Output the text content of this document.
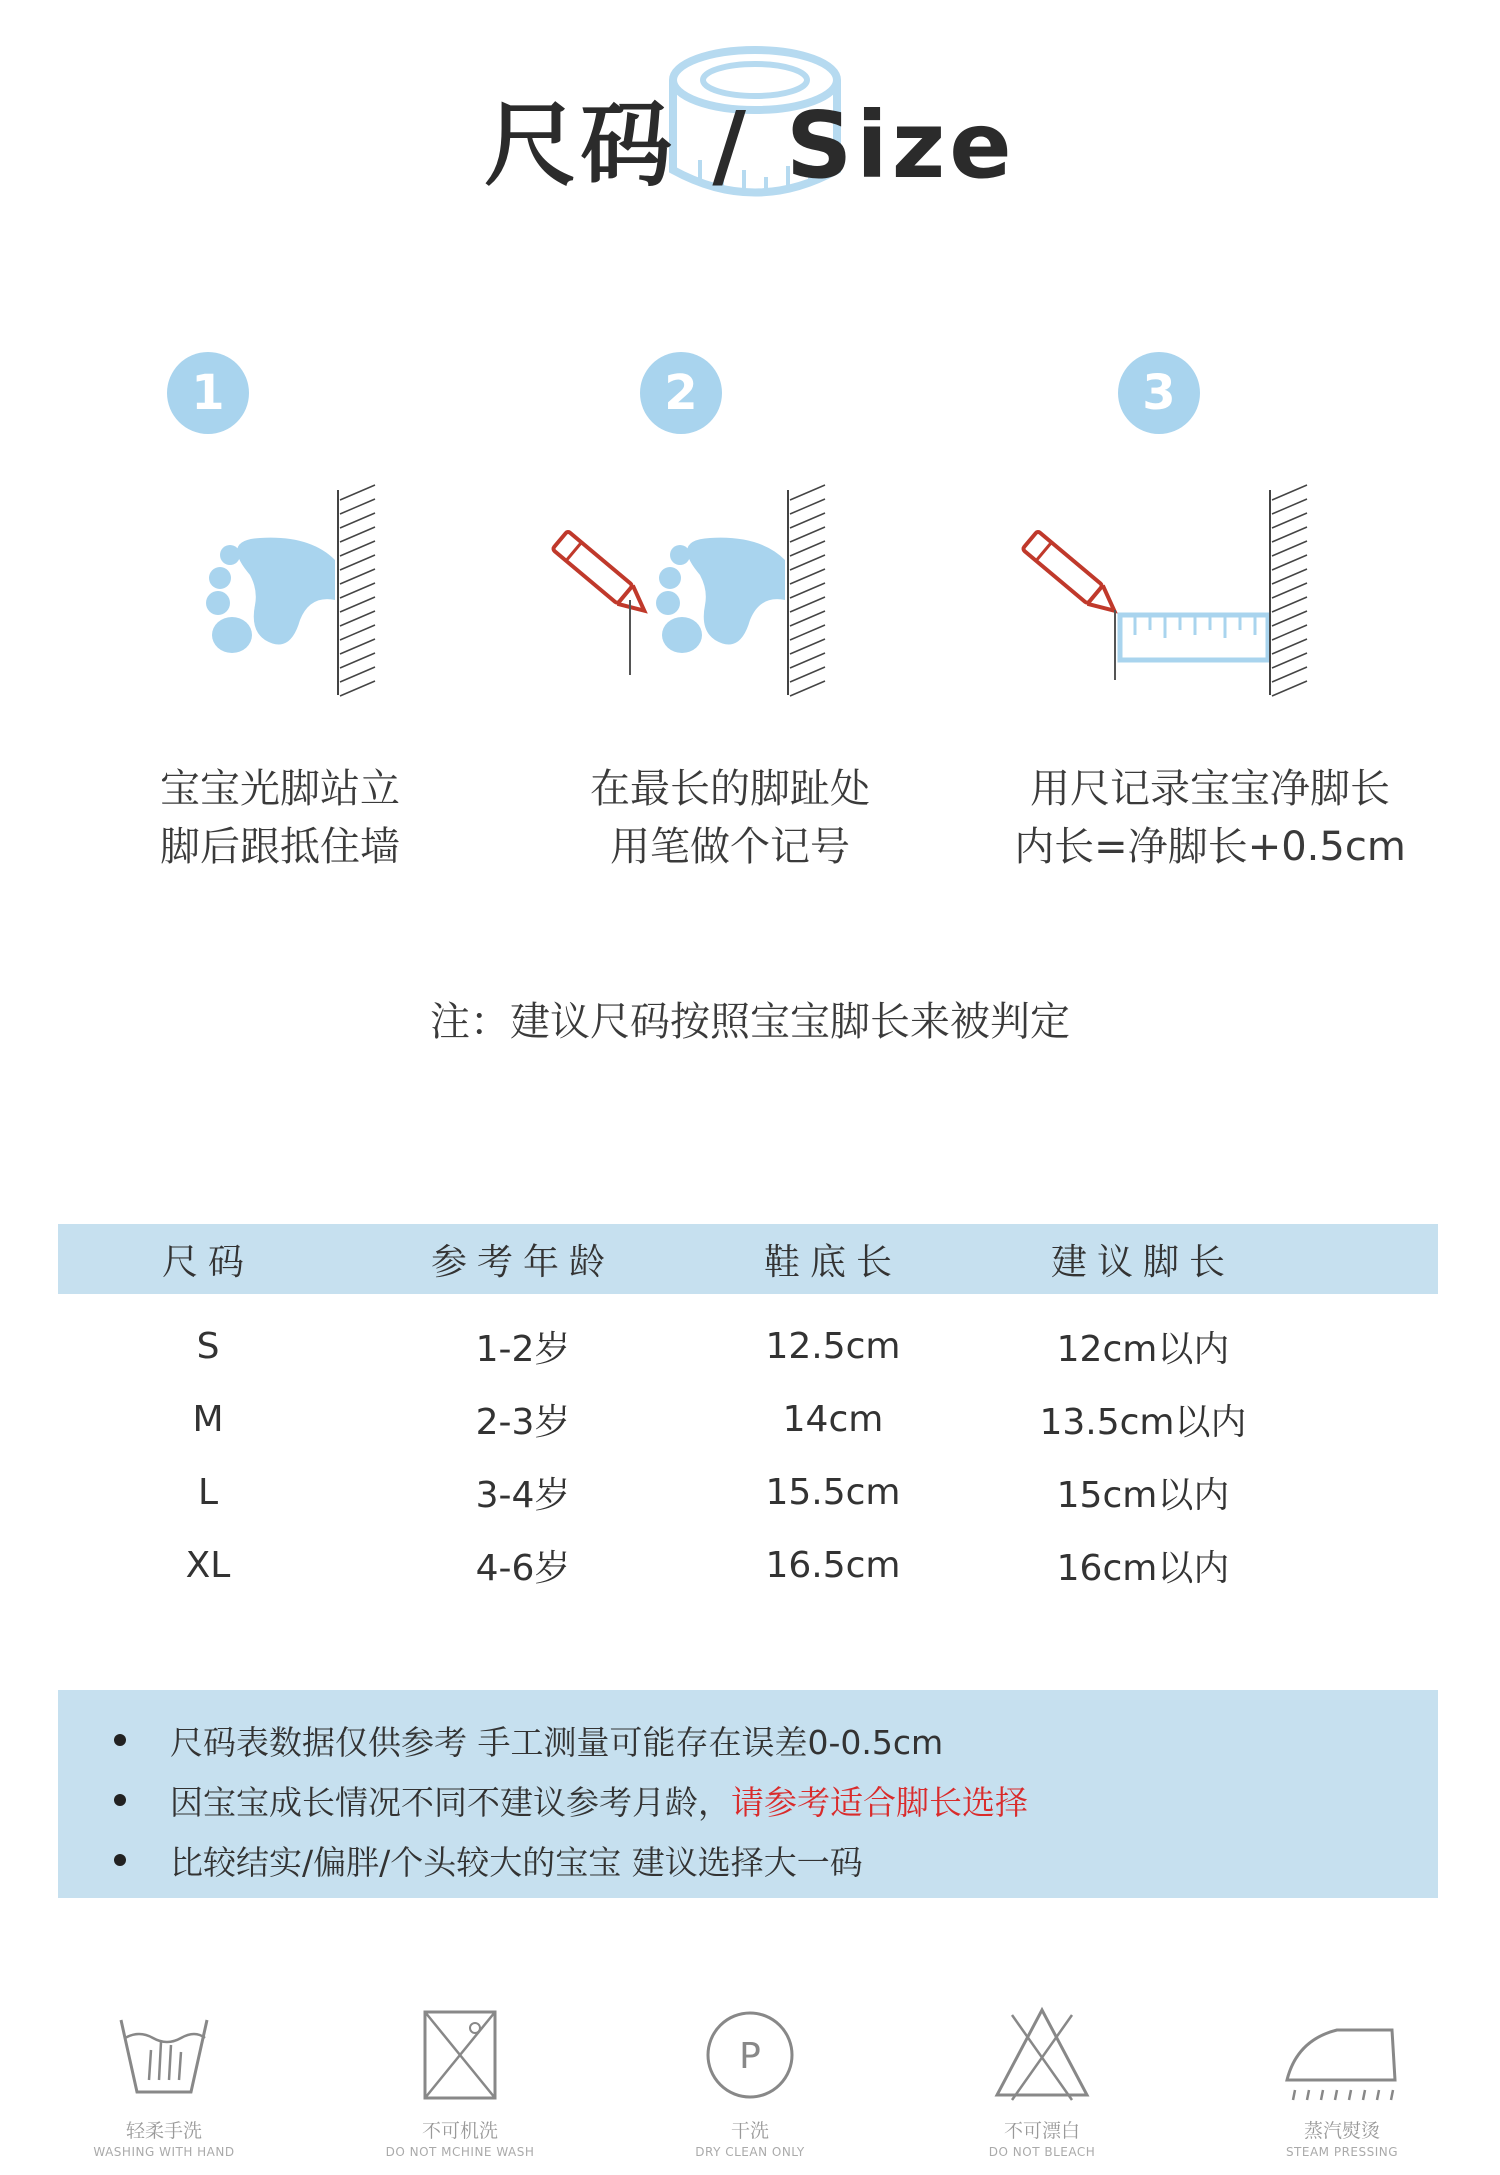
尺码 / Size
1
宝宝光脚站立
脚后跟抵住墙
2
在最长的脚趾处
用笔做个记号
3
用尺记录宝宝净脚长
内长=净脚长+0.5cm
注：建议尺码按照宝宝脚长来被判定
尺码	参考年龄	鞋底长	建议脚长
S	1-2岁	12.5cm	12cm以内
M	2-3岁	14cm	13.5cm以内
L	3-4岁	15.5cm	15cm以内
XL	4-6岁	16.5cm	16cm以内
尺码表数据仅供参考 手工测量可能存在误差0-0.5cm
因宝宝成长情况不同不建议参考月龄， 请参考适合脚长选择
比较结实/偏胖/个头较大的宝宝 建议选择大一码
轻柔手洗
WASHING WITH HAND
不可机洗
DO NOT MCHINE WASH
P
干洗
DRY CLEAN ONLY
不可漂白
DO NOT BLEACH
蒸汽熨烫
STEAM PRESSING
